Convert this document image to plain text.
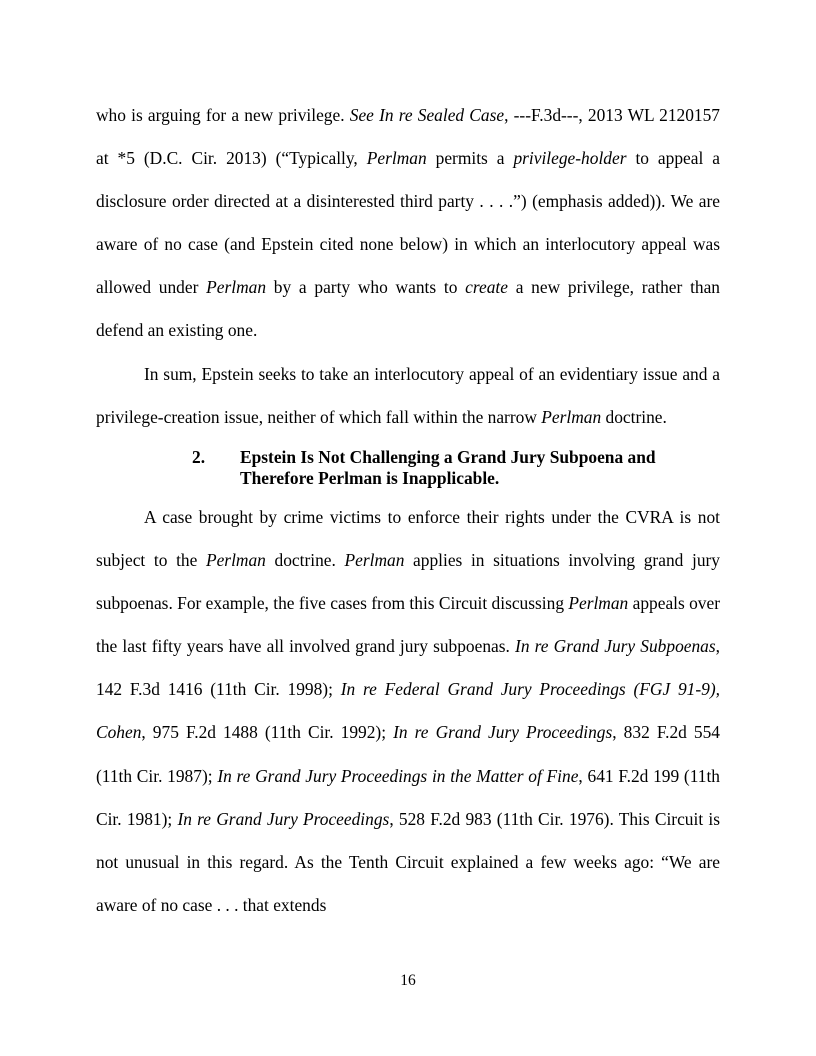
who is arguing for a new privilege. See In re Sealed Case, ---F.3d---, 2013 WL 2120157 at *5 (D.C. Cir. 2013) (“Typically, Perlman permits a privilege-holder to appeal a disclosure order directed at a disinterested third party . . . .”) (emphasis added)). We are aware of no case (and Epstein cited none below) in which an interlocutory appeal was allowed under Perlman by a party who wants to create a new privilege, rather than defend an existing one.

In sum, Epstein seeks to take an interlocutory appeal of an evidentiary issue and a privilege-creation issue, neither of which fall within the narrow Perlman doctrine.

2. Epstein Is Not Challenging a Grand Jury Subpoena and Therefore Perlman is Inapplicable.

A case brought by crime victims to enforce their rights under the CVRA is not subject to the Perlman doctrine. Perlman applies in situations involving grand jury subpoenas. For example, the five cases from this Circuit discussing Perlman appeals over the last fifty years have all involved grand jury subpoenas. In re Grand Jury Subpoenas, 142 F.3d 1416 (11th Cir. 1998); In re Federal Grand Jury Proceedings (FGJ 91-9), Cohen, 975 F.2d 1488 (11th Cir. 1992); In re Grand Jury Proceedings, 832 F.2d 554 (11th Cir. 1987); In re Grand Jury Proceedings in the Matter of Fine, 641 F.2d 199 (11th Cir. 1981); In re Grand Jury Proceedings, 528 F.2d 983 (11th Cir. 1976). This Circuit is not unusual in this regard. As the Tenth Circuit explained a few weeks ago: “We are aware of no case . . . that extends

16
